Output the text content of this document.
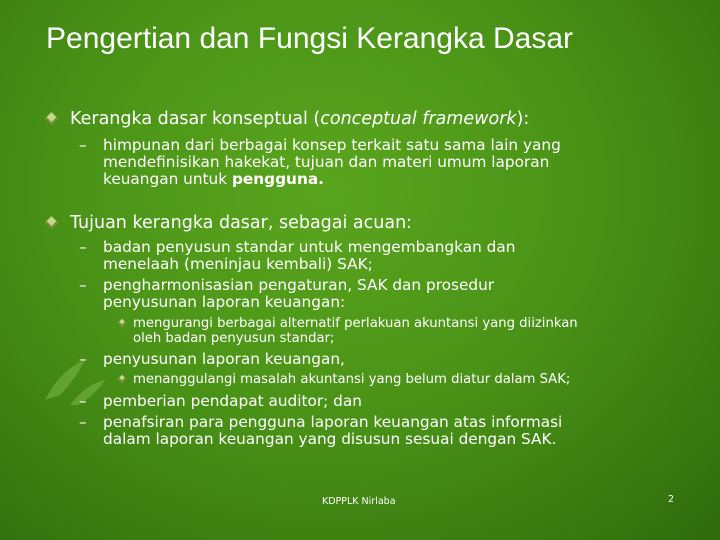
Pengertian dan Fungsi Kerangka Dasar
Kerangka dasar konseptual (conceptual framework):
– himpunan dari berbagai konsep terkait satu sama lain yang
mendefinisikan hakekat, tujuan dan materi umum laporan
keuangan untuk pengguna.
Tujuan kerangka dasar, sebagai acuan:
– badan penyusun standar untuk mengembangkan dan
menelaah (meninjau kembali) SAK;
– pengharmonisasian pengaturan, SAK dan prosedur
penyusunan laporan keuangan:
mengurangi berbagai alternatif perlakuan akuntansi yang diizinkan
oleh badan penyusun standar;
– penyusunan laporan keuangan,
menanggulangi masalah akuntansi yang belum diatur dalam SAK;
– pemberian pendapat auditor; dan
– penafsiran para pengguna laporan keuangan atas informasi
dalam laporan keuangan yang disusun sesuai dengan SAK.
KDPPLK Nirlaba	2
